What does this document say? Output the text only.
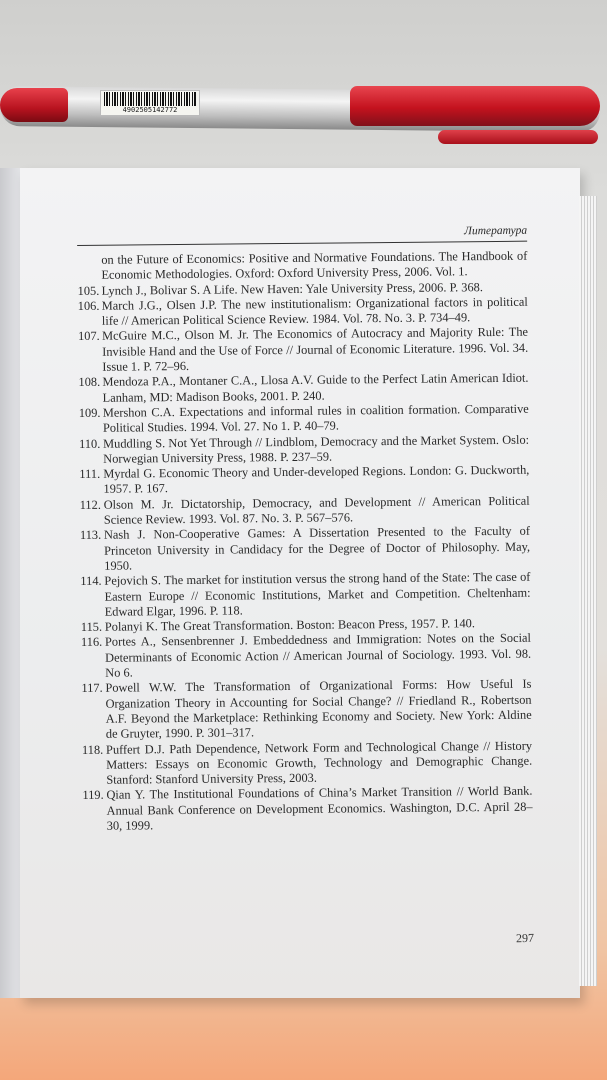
4902505142772
Литература
on the Future of Economics: Positive and Normative Foundations. The Handbook of Economic Methodologies. Oxford: Oxford University Press, 2006. Vol. 1.
105. Lynch J., Bolivar S. A Life. New Haven: Yale University Press, 2006. P. 368.
106. March J.G., Olsen J.P. The new institutionalism: Organizational factors in political life // American Political Science Review. 1984. Vol. 78. No. 3. P. 734–49.
107. McGuire M.C., Olson M. Jr. The Economics of Autocracy and Majority Rule: The Invisible Hand and the Use of Force // Journal of Economic Literature. 1996. Vol. 34. Issue 1. P. 72–96.
108. Mendoza P.A., Montaner C.A., Llosa A.V. Guide to the Perfect Latin American Idiot. Lanham, MD: Madison Books, 2001. P. 240.
109. Mershon C.A. Expectations and informal rules in coalition formation. Comparative Political Studies. 1994. Vol. 27. No 1. P. 40–79.
110. Muddling S. Not Yet Through // Lindblom, Democracy and the Market System. Oslo: Norwegian University Press, 1988. P. 237–59.
111. Myrdal G. Economic Theory and Under-developed Regions. London: G. Duckworth, 1957. P. 167.
112. Olson M. Jr. Dictatorship, Democracy, and Development // American Political Science Review. 1993. Vol. 87. No. 3. P. 567–576.
113. Nash J. Non-Cooperative Games: A Dissertation Presented to the Faculty of Princeton University in Candidacy for the Degree of Doctor of Philosophy. May, 1950.
114. Pejovich S. The market for institution versus the strong hand of the State: The case of Eastern Europe // Economic Institutions, Market and Competition. Cheltenham: Edward Elgar, 1996. P. 118.
115. Polanyi K. The Great Transformation. Boston: Beacon Press, 1957. P. 140.
116. Portes A., Sensenbrenner J. Embeddedness and Immigration: Notes on the Social Determinants of Economic Action // American Journal of Sociology. 1993. Vol. 98. No 6.
117. Powell W.W. The Transformation of Organizational Forms: How Useful Is Organization Theory in Accounting for Social Change? // Friedland R., Robertson A.F. Beyond the Marketplace: Rethinking Economy and Society. New York: Aldine de Gruyter, 1990. P. 301–317.
118. Puffert D.J. Path Dependence, Network Form and Technological Change // History Matters: Essays on Economic Growth, Technology and Demographic Change. Stanford: Stanford University Press, 2003.
119. Qian Y. The Institutional Foundations of China’s Market Transition // World Bank. Annual Bank Conference on Development Economics. Washington, D.C. April 28–30, 1999.
297
